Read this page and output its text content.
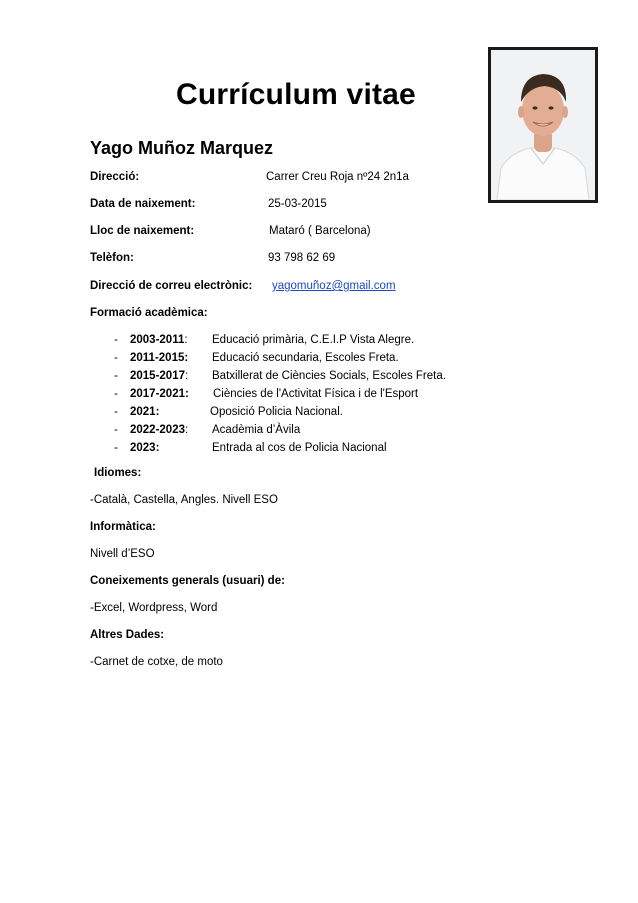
Currículum vitae
Yago Muñoz Marquez
Direcció:	Carrer Creu Roja nº24 2n1a
Data de naixement:	25-03-2015
Lloc de naixement:	Mataró ( Barcelona)
Telèfon:	93 798 62 69
Direcció de correu electrònic: yagomuñoz@gmail.com
Formació acadèmica:
- 2003-2011: Educació primària, C.E.I.P Vista Alegre.
- 2011-2015: Educació secundaria, Escoles Freta.
- 2015-2017: Batxillerat de Ciències Socials, Escoles Freta.
- 2017-2021: Ciències de l'Activitat Física i de l'Esport
- 2021:	Oposició Policia Nacional.
- 2022-2023: Acadèmia d’Àvila
- 2023:	Entrada al cos de Policia Nacional
Idiomes:
-Català, Castella, Angles. Nivell ESO
Informàtica:
Nivell d’ESO
Coneixements generals (usuari) de:
-Excel, Wordpress, Word
Altres Dades:
-Carnet de cotxe, de moto
